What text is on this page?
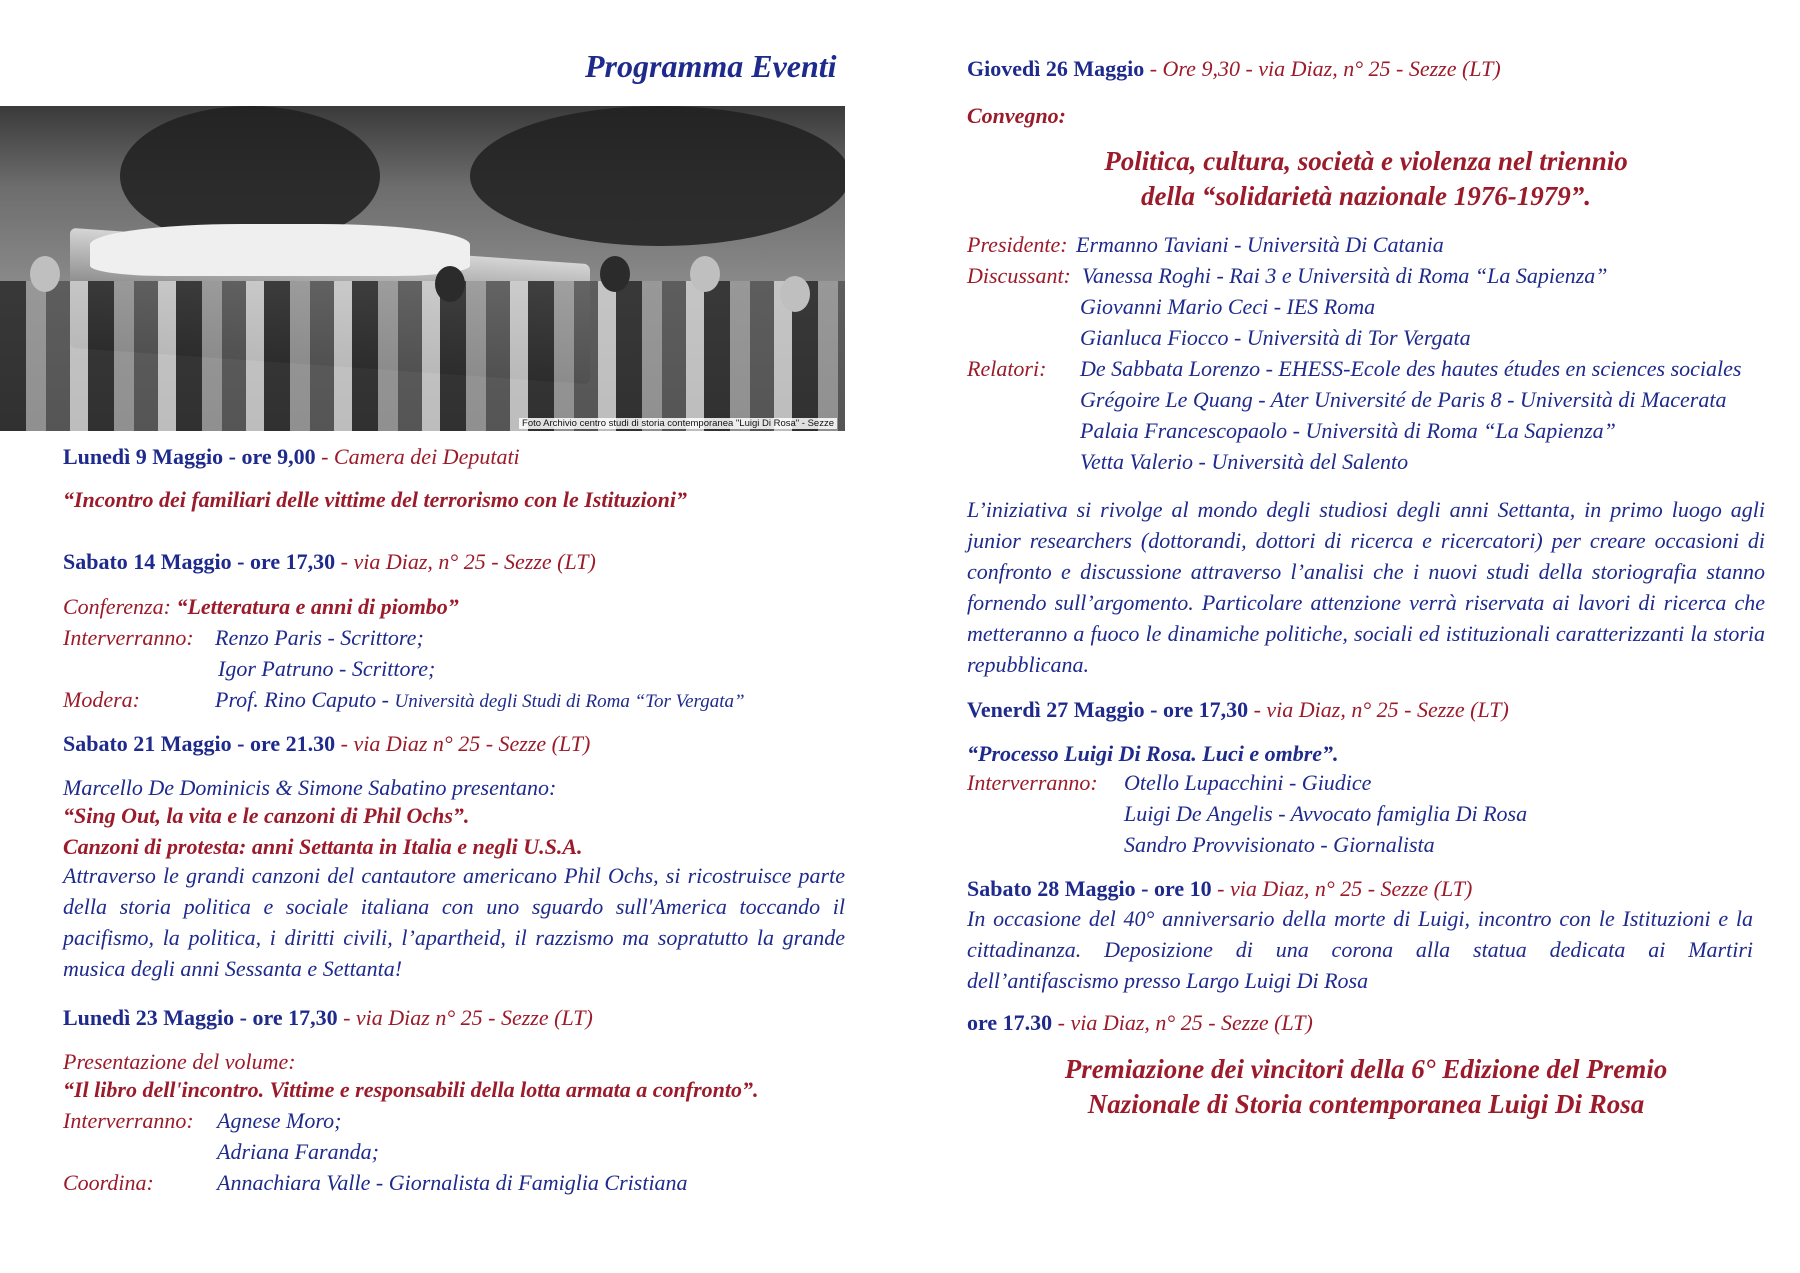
Programma Eventi
Foto Archivio centro studi di storia contemporanea "Luigi Di Rosa" - Sezze
Lunedì 9 Maggio - ore 9,00 - Camera dei Deputati
“Incontro dei familiari delle vittime del terrorismo con le Istituzioni”
Sabato 14 Maggio - ore 17,30 - via Diaz, n° 25 - Sezze (LT)
Conferenza: “Letteratura e anni di piombo”
Interverranno: Renzo Paris - Scrittore;
Igor Patruno - Scrittore;
Modera:	Prof. Rino Caputo - Università degli Studi di Roma “Tor Vergata”
Sabato 21 Maggio - ore 21.30 - via Diaz n° 25 - Sezze (LT)
Marcello De Dominicis & Simone Sabatino presentano:
“Sing Out, la vita e le canzoni di Phil Ochs”.
Canzoni di protesta: anni Settanta in Italia e negli U.S.A.
Attraverso le grandi canzoni del cantautore americano Phil Ochs, si ricostruisce parte della storia politica e sociale italiana con uno sguardo sull'America toccando il pacifismo, la politica, i diritti civili, l’apartheid, il razzismo ma sopratutto la grande musica degli anni Sessanta e Settanta!
Lunedì 23 Maggio - ore 17,30 - via Diaz n° 25 - Sezze (LT)
Presentazione del volume:
“Il libro dell'incontro. Vittime e responsabili della lotta armata a confronto”.
Interverranno: Agnese Moro;
Adriana Faranda;
Coordina:	Annachiara Valle - Giornalista di Famiglia Cristiana
Giovedì 26 Maggio - Ore 9,30 - via Diaz, n° 25 - Sezze (LT)
Convegno:
Politica, cultura, società e violenza nel triennio
della “solidarietà nazionale 1976-1979”.
Presidente: Ermanno Taviani - Università Di Catania
Discussant: Vanessa Roghi - Rai 3 e Università di Roma “La Sapienza”
Giovanni Mario Ceci - IES Roma
Gianluca Fiocco - Università di Tor Vergata
Relatori: De Sabbata Lorenzo - EHESS-Ecole des hautes études en sciences sociales
Grégoire Le Quang - Ater Université de Paris 8 - Università di Macerata
Palaia Francescopaolo - Università di Roma “La Sapienza”
Vetta Valerio - Università del Salento
L’iniziativa si rivolge al mondo degli studiosi degli anni Settanta, in primo luogo agli junior researchers (dottorandi, dottori di ricerca e ricercatori) per creare occasioni di confronto e discussione attraverso l’analisi che i nuovi studi della storiografia stanno fornendo sull’argomento. Particolare attenzione verrà riservata ai lavori di ricerca che metteranno a fuoco le dinamiche politiche, sociali ed istituzionali caratterizzanti la storia repubblicana.
Venerdì 27 Maggio - ore 17,30 - via Diaz, n° 25 - Sezze (LT)
“Processo Luigi Di Rosa. Luci e ombre”.
Interverranno: Otello Lupacchini - Giudice
Luigi De Angelis - Avvocato famiglia Di Rosa
Sandro Provvisionato - Giornalista
Sabato 28 Maggio - ore 10 - via Diaz, n° 25 - Sezze (LT)
In occasione del 40° anniversario della morte di Luigi, incontro con le Istituzioni e la cittadinanza. Deposizione di una corona alla statua dedicata ai Martiri dell’antifascismo presso Largo Luigi Di Rosa
ore 17.30 - via Diaz, n° 25 - Sezze (LT)
Premiazione dei vincitori della 6° Edizione del Premio
Nazionale di Storia contemporanea Luigi Di Rosa
